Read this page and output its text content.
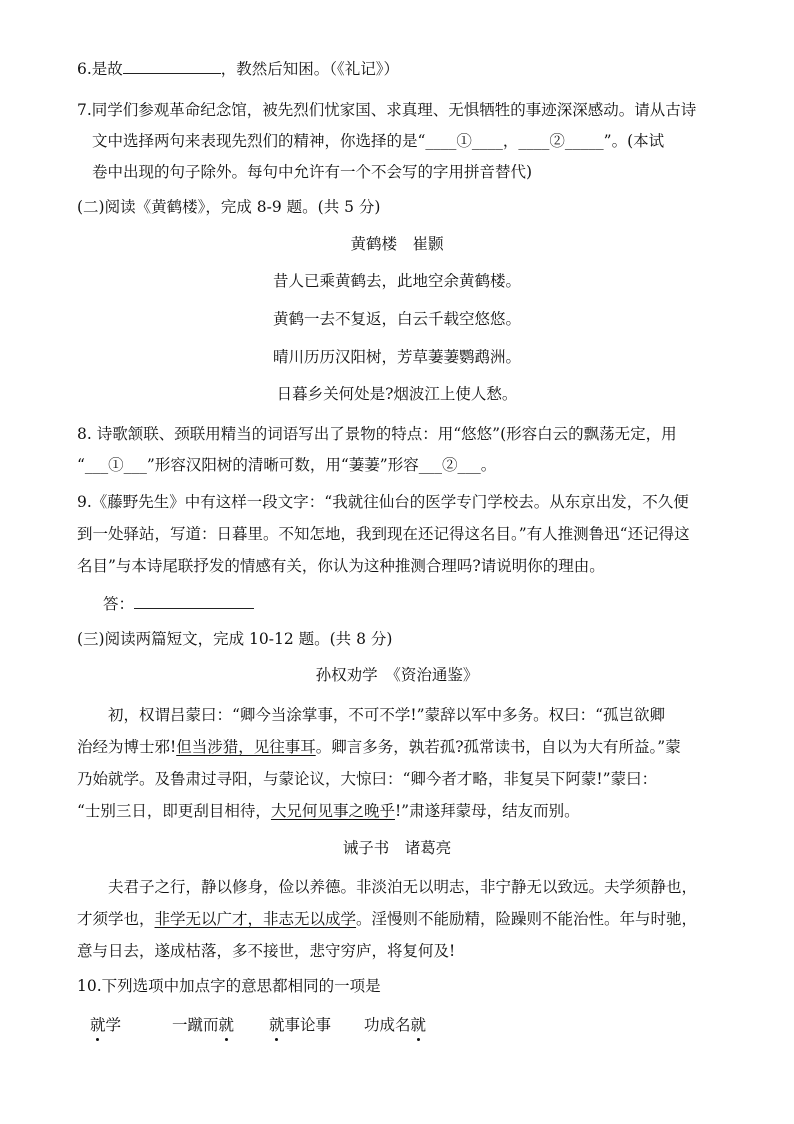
6.是故	，教然后知困。（《礼记》）
7.同学们参观革命纪念馆，被先烈们忧家国、求真理、无惧牺牲的事迹深深感动。请从古诗
文中选择两句来表现先烈们的精神，你选择的是“____①____，____②_____”。(本试
卷中出现的句子除外。每句中允许有一个不会写的字用拼音替代)
(二)阅读《黄鹤楼》，完成 8-9 题。(共 5 分)
黄鹤楼　崔颢
昔人已乘黄鹤去，此地空余黄鹤楼。
黄鹤一去不复返，白云千载空悠悠。
晴川历历汉阳树，芳草萋萋鹦鹉洲。
日暮乡关何处是?烟波江上使人愁。
8. 诗歌颔联、颈联用精当的词语写出了景物的特点：用“悠悠”(形容白云的飘荡无定，用
“___①___”形容汉阳树的清晰可数，用“萋萋”形容___②___。
9.《藤野先生》中有这样一段文字：“我就往仙台的医学专门学校去。从东京出发，不久便
到一处驿站，写道：日暮里。不知怎地，我到现在还记得这名目。”有人推测鲁迅“还记得这
名目”与本诗尾联抒发的情感有关，你认为这种推测合理吗?请说明你的理由。
答：
(三)阅读两篇短文，完成 10-12 题。(共 8 分)
孙权劝学　《资治通鉴》
初，权谓吕蒙曰：“卿今当涂掌事，不可不学!”蒙辞以军中多务。权曰：“孤岂欲卿
治经为博士邪!但当涉猎，见往事耳。卿言多务，孰若孤?孤常读书，自以为大有所益。”蒙
乃始就学。及鲁肃过寻阳，与蒙论议，大惊曰：“卿今者才略，非复吴下阿蒙!”蒙曰：
“士别三日，即更刮目相待，大兄何见事之晚乎!”肃遂拜蒙母，结友而别。
诫子书　诸葛亮
夫君子之行，静以修身，俭以养德。非淡泊无以明志，非宁静无以致远。夫学须静也，
才须学也，非学无以广才，非志无以成学。淫慢则不能励精，险躁则不能治性。年与时驰，
意与日去，遂成枯落，多不接世，悲守穷庐，将复何及!
10.下列选项中加点字的意思都相同的一项是
就学	一蹴而就 就事论事 功成名就
